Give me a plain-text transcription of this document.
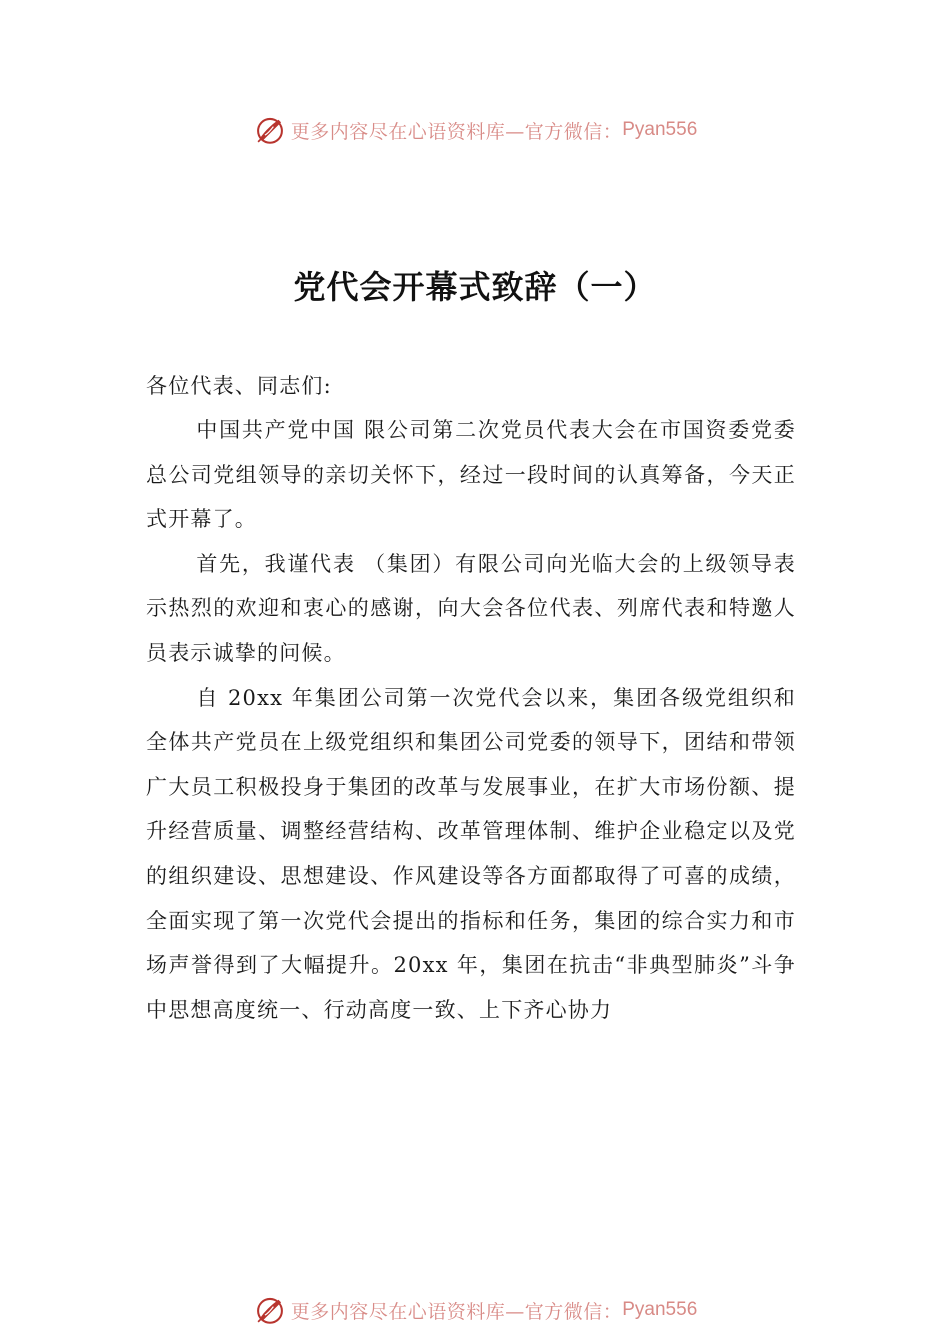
更多内容尽在心语资料库—官方微信： Pyan556
党代会开幕式致辞（一）

各位代表、同志们:

中国共产党中国 限公司第二次党员代表大会在市国资委党委 总公司党组领导的亲切关怀下，经过一段时间的认真筹备，今天正式开幕了。

首先，我谨代表 （集团）有限公司向光临大会的上级领导表示热烈的欢迎和衷心的感谢，向大会各位代表、列席代表和特邀人员表示诚挚的问候。

自 20xx 年集团公司第一次党代会以来，集团各级党组织和全体共产党员在上级党组织和集团公司党委的领导下，团结和带领广大员工积极投身于集团的改革与发展事业，在扩大市场份额、提升经营质量、调整经营结构、改革管理体制、维护企业稳定以及党的组织建设、思想建设、作风建设等各方面都取得了可喜的成绩，全面实现了第一次党代会提出的指标和任务，集团的综合实力和市场声誉得到了大幅提升。20xx 年，集团在抗击“非典型肺炎”斗争中思想高度统一、行动高度一致、上下齐心协力

更多内容尽在心语资料库—官方微信： Pyan556
